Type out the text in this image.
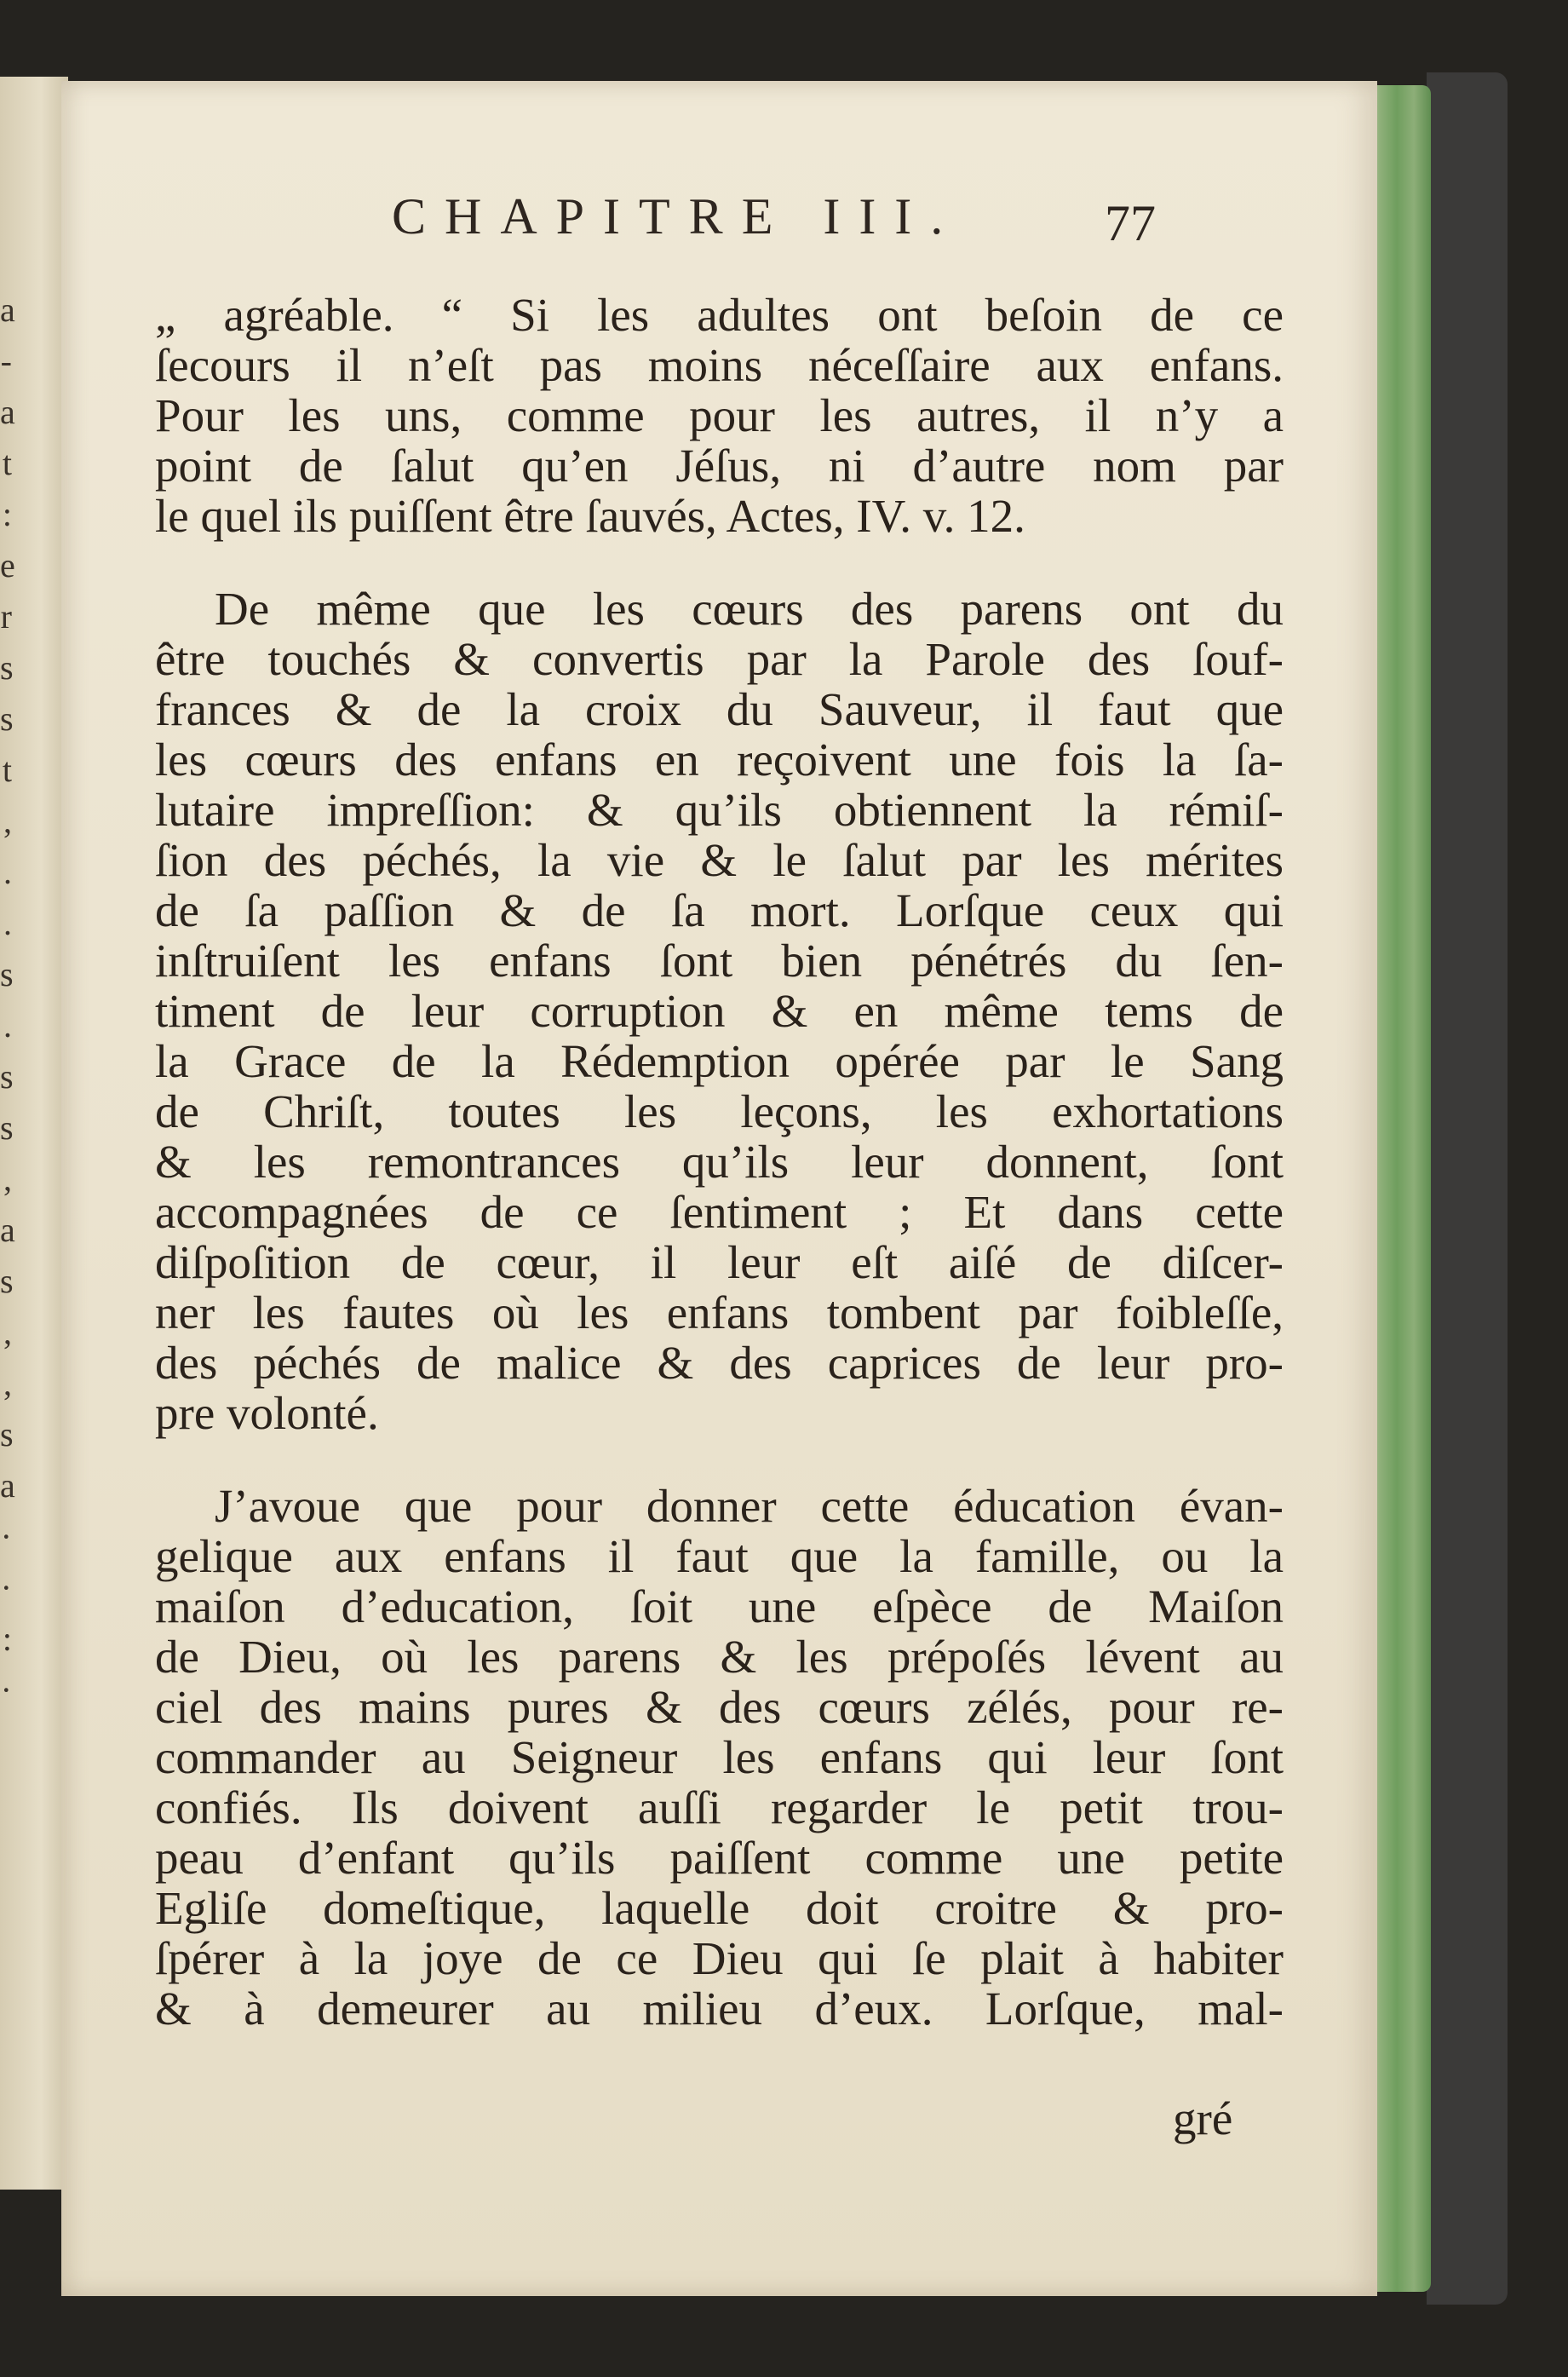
a
-
a
t
:
e
r
s
s
t
,
.
.
s
.
s
s
,
a
s
,
,
s
a
·
·
:
·
CHAPITRE III.	77
„ agréable. “ Si les adultes ont beſoin de ce
ſecours il n’eſt pas moins néceſſaire aux enfans.
Pour les uns, comme pour les autres, il n’y a
point de ſalut qu’en Jéſus, ni d’autre nom par
le quel ils puiſſent être ſauvés, Actes, IV. v. 12.
De même que les cœurs des parens ont du
être touchés & convertis par la Parole des ſouf-
frances & de la croix du Sauveur, il faut que
les cœurs des enfans en reçoivent une fois la ſa-
lutaire impreſſion: & qu’ils obtiennent la rémiſ-
ſion des péchés, la vie & le ſalut par les mérites
de ſa paſſion & de ſa mort. Lorſque ceux qui
inſtruiſent les enfans ſont bien pénétrés du ſen-
timent de leur corruption & en même tems de
la Grace de la Rédemption opérée par le Sang
de Chriſt, toutes les leçons, les exhortations
& les remontrances qu’ils leur donnent, ſont
accompagnées de ce ſentiment ; Et dans cette
diſpoſition de cœur, il leur eſt aiſé de diſcer-
ner les fautes où les enfans tombent par foibleſſe,
des péchés de malice & des caprices de leur pro-
pre volonté.
J’avoue que pour donner cette éducation évan-
gelique aux enfans il faut que la famille, ou la
maiſon d’education, ſoit une eſpèce de Maiſon
de Dieu, où les parens & les prépoſés lévent au
ciel des mains pures & des cœurs zélés, pour re-
commander au Seigneur les enfans qui leur ſont
confiés. Ils doivent auſſi regarder le petit trou-
peau d’enfant qu’ils paiſſent comme une petite
Egliſe domeſtique, laquelle doit croitre & pro-
ſpérer à la joye de ce Dieu qui ſe plait à habiter
& à demeurer au milieu d’eux. Lorſque, mal-
gré
